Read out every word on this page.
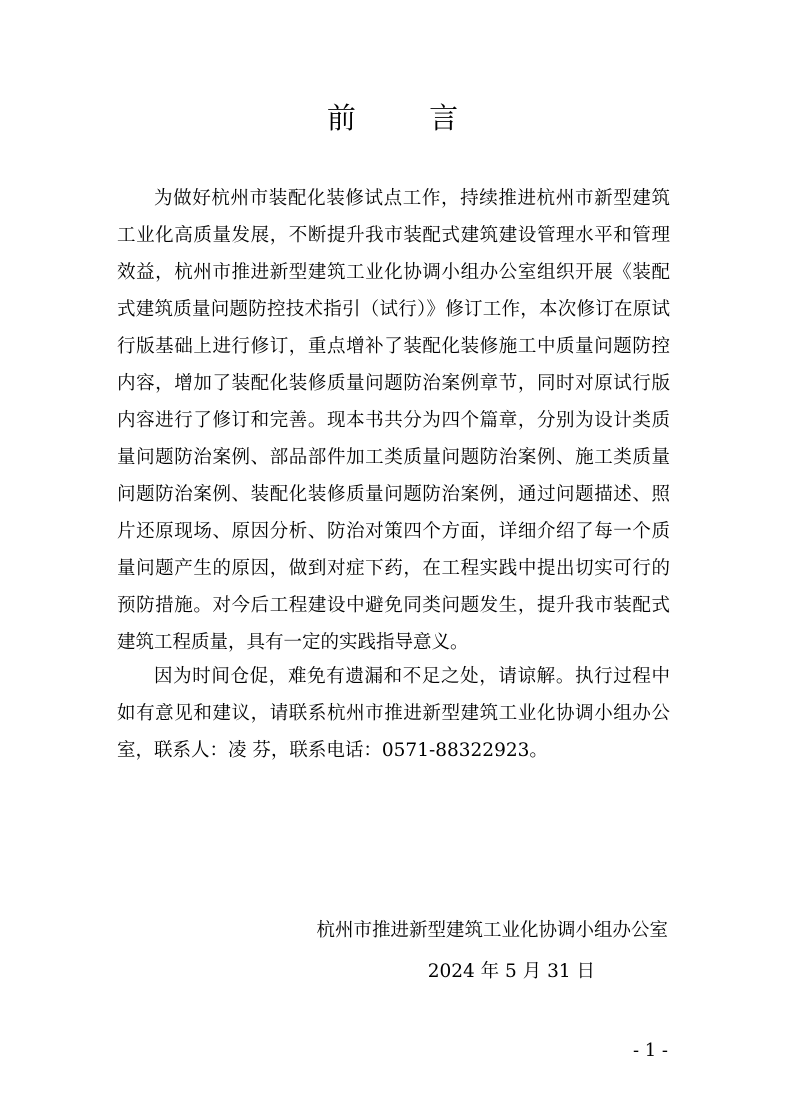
前 言

为做好杭州市装配化装修试点工作，持续推进杭州市新型建筑工业化高质量发展，不断提升我市装配式建筑建设管理水平和管理效益，杭州市推进新型建筑工业化协调小组办公室组织开展《装配式建筑质量问题防控技术指引（试行）》修订工作，本次修订在原试行版基础上进行修订，重点增补了装配化装修施工中质量问题防控内容，增加了装配化装修质量问题防治案例章节，同时对原试行版内容进行了修订和完善。现本书共分为四个篇章，分别为设计类质量问题防治案例、部品部件加工类质量问题防治案例、施工类质量问题防治案例、装配化装修质量问题防治案例，通过问题描述、照片还原现场、原因分析、防治对策四个方面，详细介绍了每一个质量问题产生的原因，做到对症下药，在工程实践中提出切实可行的预防措施。对今后工程建设中避免同类问题发生，提升我市装配式建筑工程质量，具有一定的实践指导意义。

因为时间仓促，难免有遗漏和不足之处，请谅解。执行过程中如有意见和建议，请联系杭州市推进新型建筑工业化协调小组办公室，联系人：凌 芬，联系电话：0571-88322923。

杭州市推进新型建筑工业化协调小组办公室
2024 年 5 月 31 日
- 1 -
